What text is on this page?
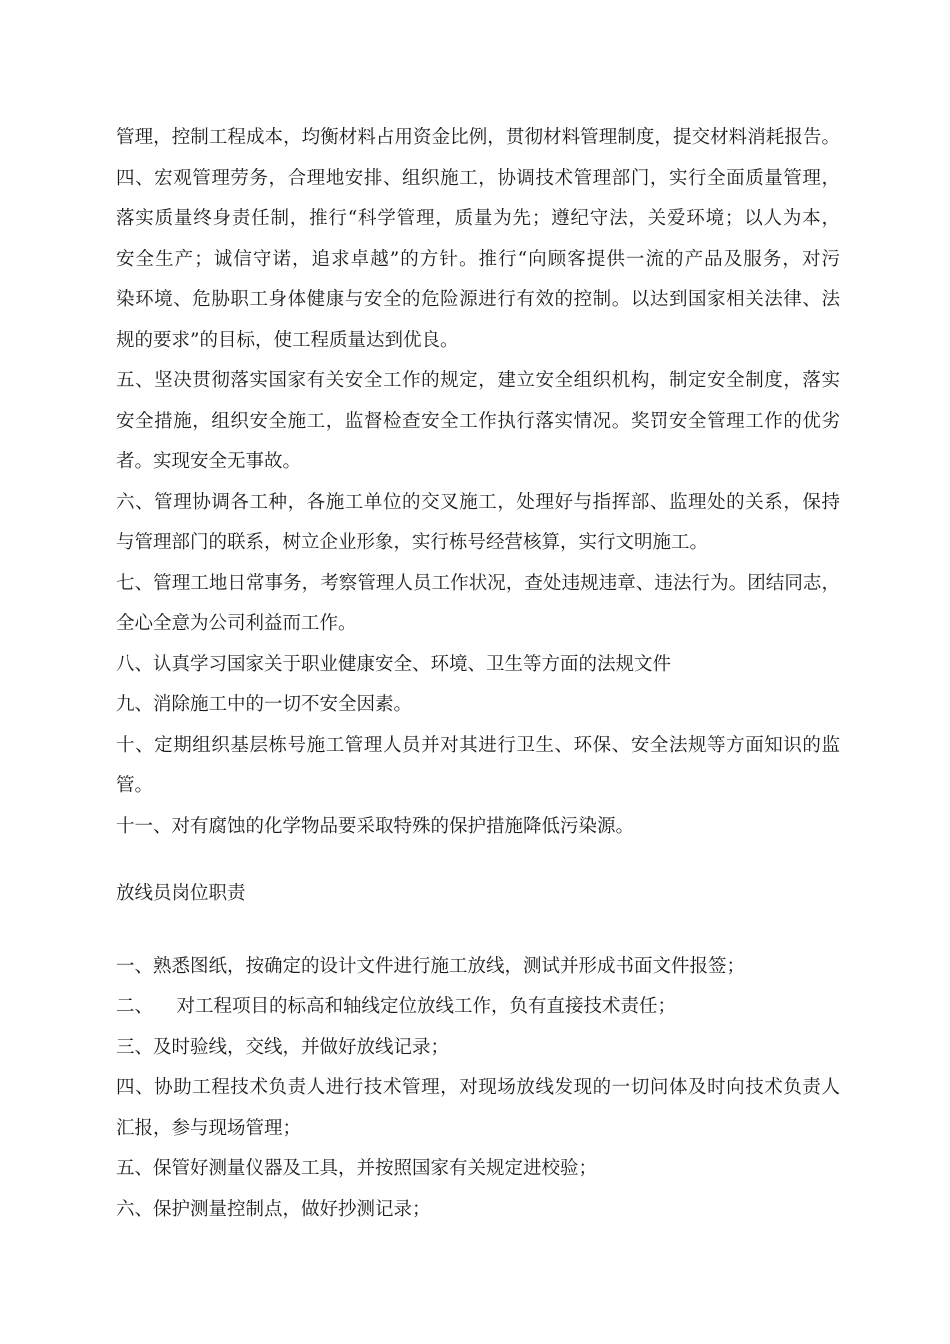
管理，控制工程成本，均衡材料占用资金比例，贯彻材料管理制度，提交材料消耗报告。
四、宏观管理劳务，合理地安排、组织施工，协调技术管理部门，实行全面质量管理，
落实质量终身责任制，推行“科学管理，质量为先；遵纪守法，关爱环境；以人为本，
安全生产；诚信守诺，追求卓越”的方针。推行“向顾客提供一流的产品及服务，对污
染环境、危胁职工身体健康与安全的危险源进行有效的控制。以达到国家相关法律、法
规的要求”的目标，使工程质量达到优良。
五、坚决贯彻落实国家有关安全工作的规定，建立安全组织机构，制定安全制度，落实
安全措施，组织安全施工，监督检查安全工作执行落实情况。奖罚安全管理工作的优劣
者。实现安全无事故。
六、管理协调各工种，各施工单位的交叉施工，处理好与指挥部、监理处的关系，保持
与管理部门的联系，树立企业形象，实行栋号经营核算，实行文明施工。
七、管理工地日常事务，考察管理人员工作状况，查处违规违章、违法行为。团结同志，
全心全意为公司利益而工作。
八、认真学习国家关于职业健康安全、环境、卫生等方面的法规文件
九、消除施工中的一切不安全因素。
十、定期组织基层栋号施工管理人员并对其进行卫生、环保、安全法规等方面知识的监
管。
十一、对有腐蚀的化学物品要采取特殊的保护措施降低污染源。
放线员岗位职责
一、熟悉图纸，按确定的设计文件进行施工放线，测试并形成书面文件报签；
二、    对工程项目的标高和轴线定位放线工作，负有直接技术责任；
三、及时验线，交线，并做好放线记录；
四、协助工程技术负责人进行技术管理，对现场放线发现的一切问体及时向技术负责人
汇报，参与现场管理；
五、保管好测量仪器及工具，并按照国家有关规定进校验；
六、保护测量控制点，做好抄测记录；
